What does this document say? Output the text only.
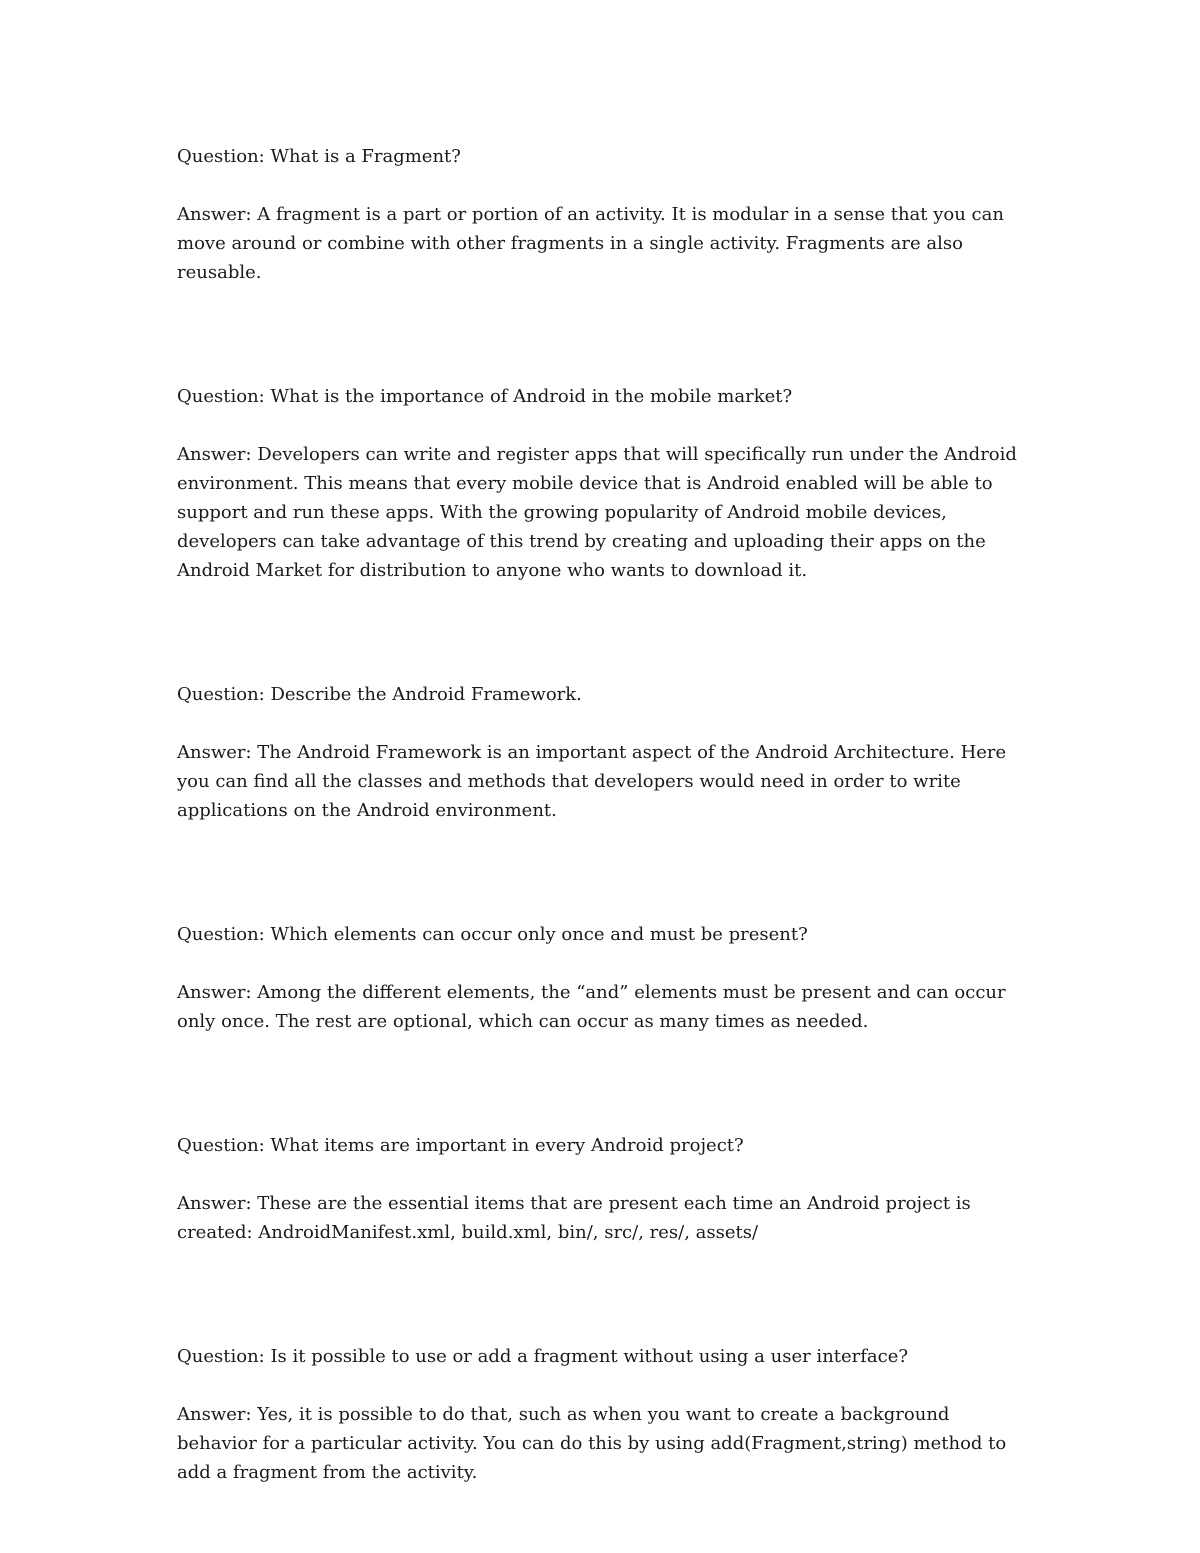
Question: What is a Fragment?

Answer: A fragment is a part or portion of an activity. It is modular in a sense that you can move around or combine with other fragments in a single activity. Fragments are also reusable.

Question: What is the importance of Android in the mobile market?

Answer: Developers can write and register apps that will specifically run under the Android environment. This means that every mobile device that is Android enabled will be able to support and run these apps. With the growing popularity of Android mobile devices, developers can take advantage of this trend by creating and uploading their apps on the Android Market for distribution to anyone who wants to download it.

Question: Describe the Android Framework.

Answer: The Android Framework is an important aspect of the Android Architecture. Here you can find all the classes and methods that developers would need in order to write applications on the Android environment.

Question: Which elements can occur only once and must be present?

Answer: Among the different elements, the “and” elements must be present and can occur only once. The rest are optional, which can occur as many times as needed.

Question: What items are important in every Android project?

Answer: These are the essential items that are present each time an Android project is created: AndroidManifest.xml, build.xml, bin/, src/, res/, assets/

Question: Is it possible to use or add a fragment without using a user interface?

Answer: Yes, it is possible to do that, such as when you want to create a background behavior for a particular activity. You can do this by using add(Fragment,string) method to add a fragment from the activity.
